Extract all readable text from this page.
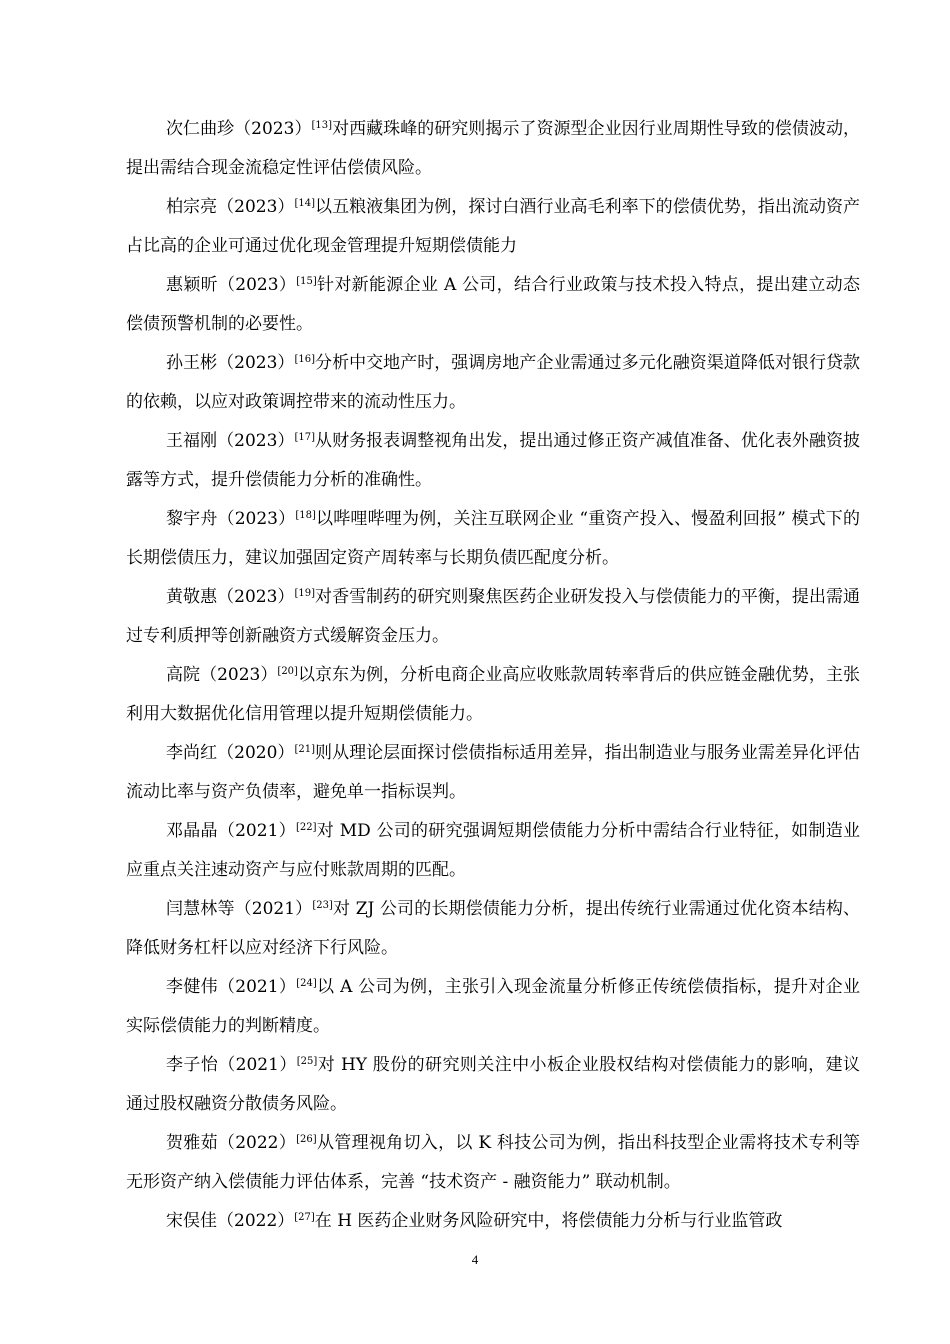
次仁曲珍（2023）[13]对西藏珠峰的研究则揭示了资源型企业因行业周期性导致的偿债波动，提出需结合现金流稳定性评估偿债风险。

柏宗亮（2023）[14]以五粮液集团为例，探讨白酒行业高毛利率下的偿债优势，指出流动资产占比高的企业可通过优化现金管理提升短期偿债能力

惠颖昕（2023）[15]针对新能源企业 A 公司，结合行业政策与技术投入特点，提出建立动态偿债预警机制的必要性。

孙王彬（2023）[16]分析中交地产时，强调房地产企业需通过多元化融资渠道降低对银行贷款的依赖，以应对政策调控带来的流动性压力。

王福刚（2023）[17]从财务报表调整视角出发，提出通过修正资产减值准备、优化表外融资披露等方式，提升偿债能力分析的准确性。

黎宇舟（2023）[18]以哔哩哔哩为例，关注互联网企业 “重资产投入、慢盈利回报” 模式下的长期偿债压力，建议加强固定资产周转率与长期负债匹配度分析。

黄敬惠（2023）[19]对香雪制药的研究则聚焦医药企业研发投入与偿债能力的平衡，提出需通过专利质押等创新融资方式缓解资金压力。

高院（2023）[20]以京东为例，分析电商企业高应收账款周转率背后的供应链金融优势，主张利用大数据优化信用管理以提升短期偿债能力。

李尚红（2020）[21]则从理论层面探讨偿债指标适用差异，指出制造业与服务业需差异化评估流动比率与资产负债率，避免单一指标误判。

邓晶晶（2021）[22]对 MD 公司的研究强调短期偿债能力分析中需结合行业特征，如制造业应重点关注速动资产与应付账款周期的匹配。

闫慧林等（2021）[23]对 ZJ 公司的长期偿债能力分析，提出传统行业需通过优化资本结构、降低财务杠杆以应对经济下行风险。

李健伟（2021）[24]以 A 公司为例，主张引入现金流量分析修正传统偿债指标，提升对企业实际偿债能力的判断精度。

李子怡（2021）[25]对 HY 股份的研究则关注中小板企业股权结构对偿债能力的影响，建议通过股权融资分散债务风险。

贺雅茹（2022）[26]从管理视角切入，以 K 科技公司为例，指出科技型企业需将技术专利等无形资产纳入偿债能力评估体系，完善 “技术资产 - 融资能力” 联动机制。

宋俣佳（2022）[27]在 H 医药企业财务风险研究中，将偿债能力分析与行业监管政

4
